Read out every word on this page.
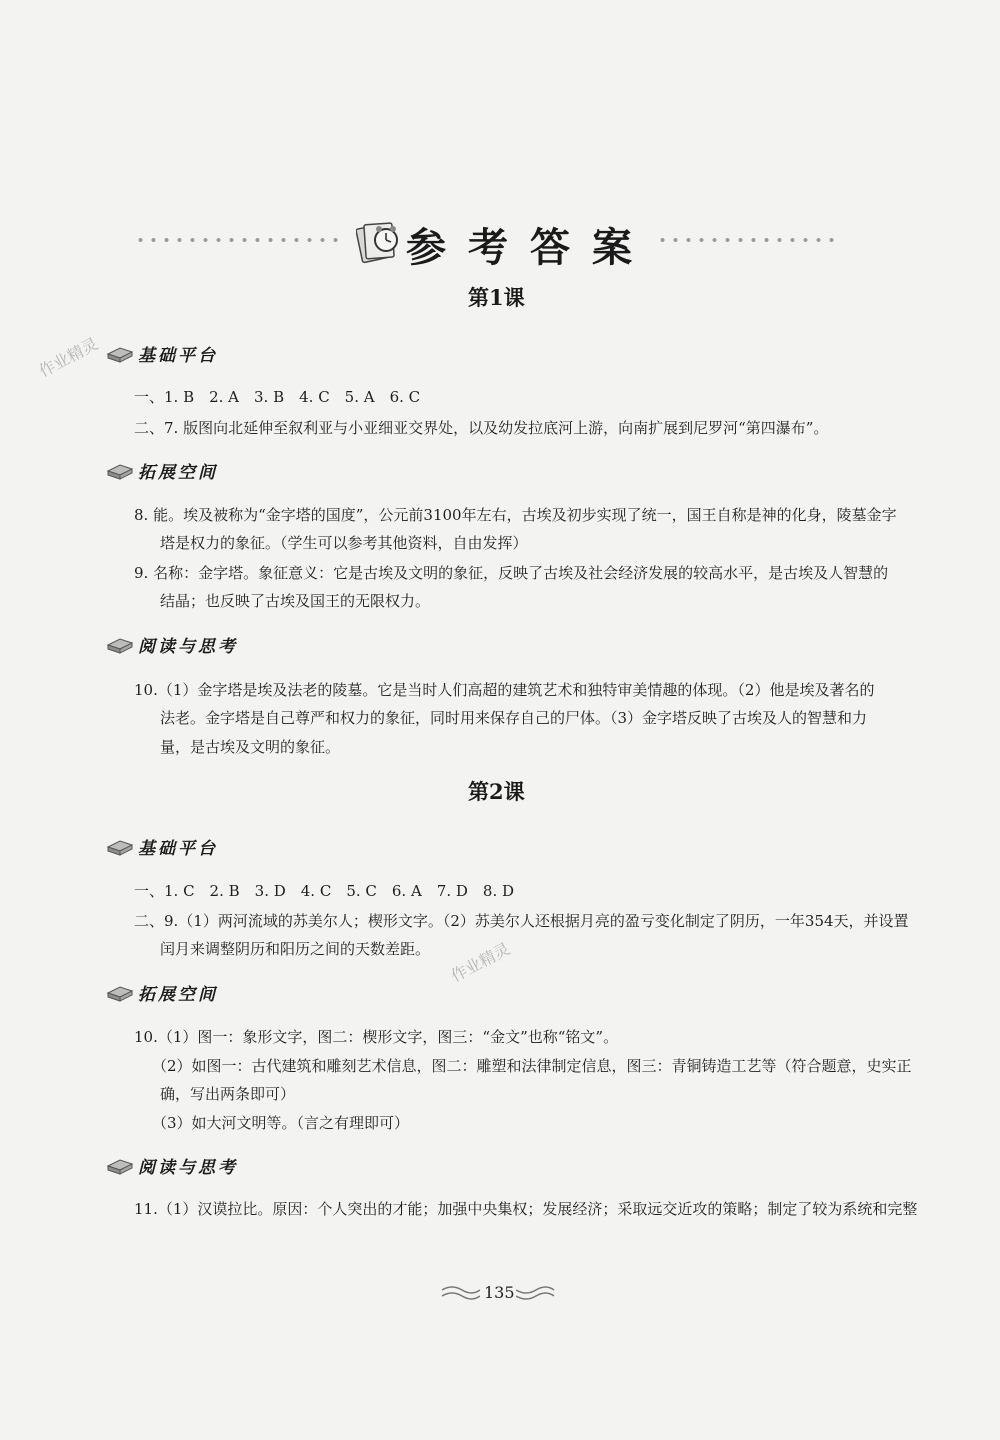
参考答案
第1课
基础平台
一、1. B　2. A　3. B　4. C　5. A　6. C
二、7. 版图向北延伸至叙利亚与小亚细亚交界处，以及幼发拉底河上游，向南扩展到尼罗河“第四瀑布”。
拓展空间
8. 能。埃及被称为“金字塔的国度”，公元前3100年左右，古埃及初步实现了统一，国王自称是神的化身，陵墓金字
塔是权力的象征。（学生可以参考其他资料，自由发挥）
9. 名称：金字塔。象征意义：它是古埃及文明的象征，反映了古埃及社会经济发展的较高水平，是古埃及人智慧的
结晶；也反映了古埃及国王的无限权力。
阅读与思考
10.（1）金字塔是埃及法老的陵墓。它是当时人们高超的建筑艺术和独特审美情趣的体现。（2）他是埃及著名的
法老。金字塔是自己尊严和权力的象征，同时用来保存自己的尸体。（3）金字塔反映了古埃及人的智慧和力
量，是古埃及文明的象征。
第2课
基础平台
一、1. C　2. B　3. D　4. C　5. C　6. A　7. D　8. D
二、9.（1）两河流域的苏美尔人；楔形文字。（2）苏美尔人还根据月亮的盈亏变化制定了阴历，一年354天，并设置
闰月来调整阴历和阳历之间的天数差距。
拓展空间
10.（1）图一：象形文字，图二：楔形文字，图三：“金文”也称“铭文”。
（2）如图一：古代建筑和雕刻艺术信息，图二：雕塑和法律制定信息，图三：青铜铸造工艺等（符合题意，史实正
确，写出两条即可）
（3）如大河文明等。（言之有理即可）
阅读与思考
11.（1）汉谟拉比。原因：个人突出的才能；加强中央集权；发展经济；采取远交近攻的策略；制定了较为系统和完整
作业精灵
作业精灵
135
